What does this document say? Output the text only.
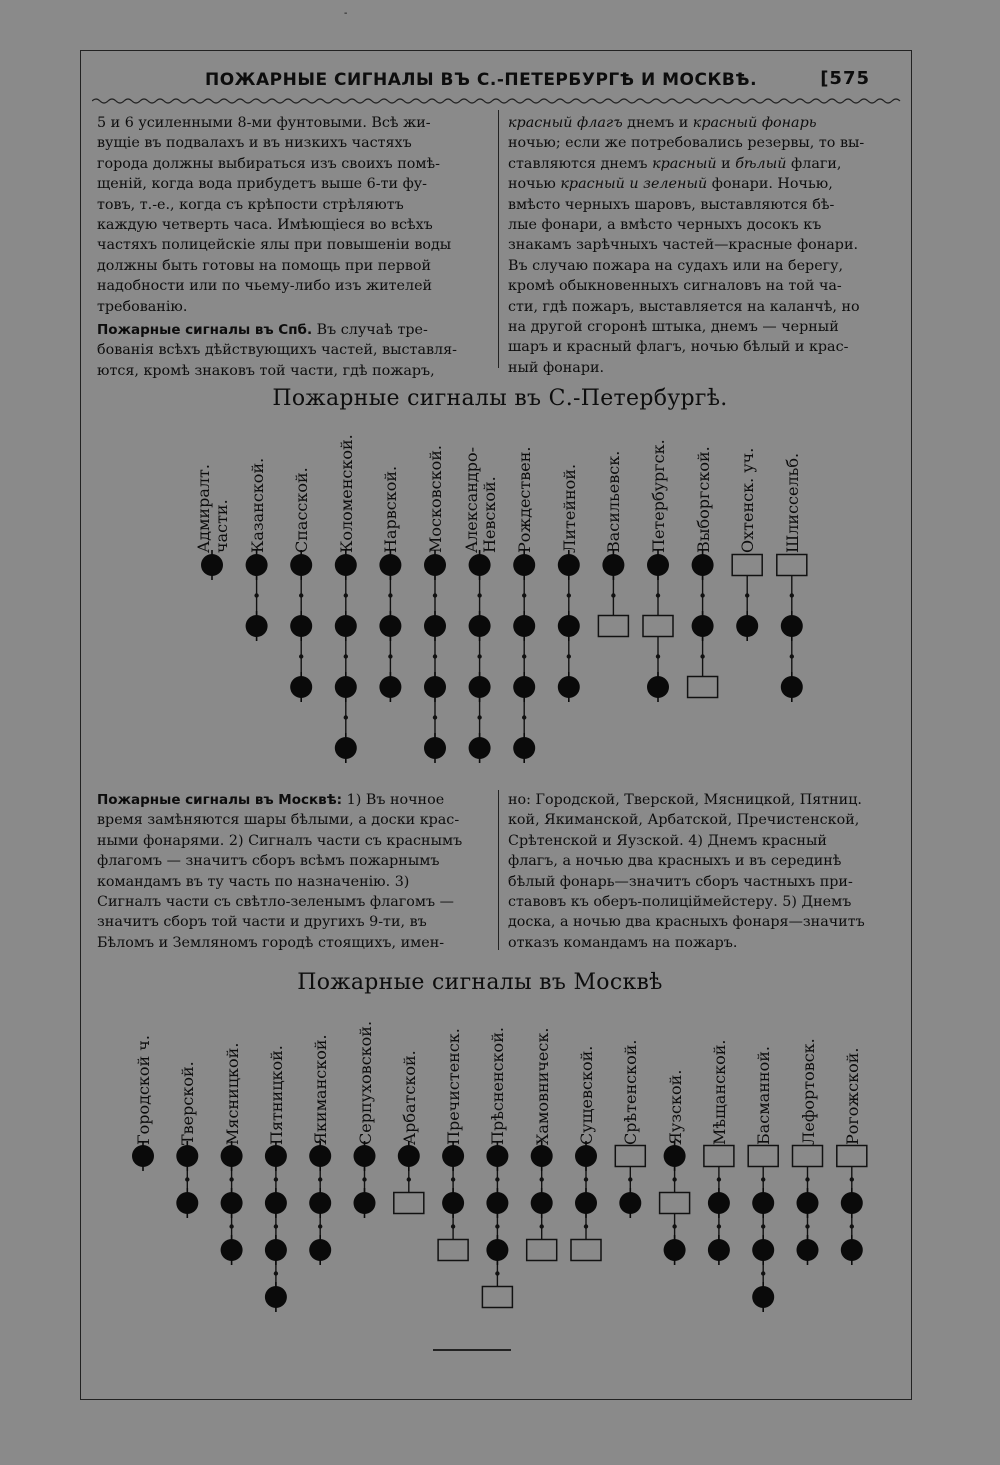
-
ПОЖАРНЫЕ СИГНАЛЫ ВЪ С.-ПЕТЕРБУРГѢ И МОСКВѢ.	[575
5 и 6 усиленными 8-ми фунтовыми. Всѣ жи-
вущіе въ подвалахъ и въ низкихъ частяхъ
города должны выбираться изъ своихъ помѣ-
щеній, когда вода прибудетъ выше 6-ти фу-
товъ, т.-е., когда съ крѣпости стрѣляютъ
каждую четверть часа. Имѣющіеся во всѣхъ
частяхъ полицейскіе ялы при повышеніи воды
должны быть готовы на помощь при первой
надобности или по чьему-либо изъ жителей
требованію.
Пожарные сигналы въ Спб. Въ случаѣ тре-
бованія всѣхъ дѣйствующихъ частей, выставля-
ются, кромѣ знаковъ той части, гдѣ пожаръ,
красный флагъ днемъ и красный фонарь
ночью; если же потребовались резервы, то вы-
ставляются днемъ красный и бѣлый флаги,
ночью красный и зеленый фонари. Ночью,
вмѣсто черныхъ шаровъ, выставляются бѣ-
лые фонари, а вмѣсто черныхъ досокъ къ
знакамъ зарѣчныхъ частей—красные фонари.
Въ случаю пожара на судахъ или на берегу,
кромѣ обыкновенныхъ сигналовъ на той ча-
сти, гдѣ пожаръ, выставляется на каланчѣ, но
на другой сгоронѣ штыка, днемъ — черный
шаръ и красный флагъ, ночью бѣлый и крас-
ный фонари.
Пожарные сигналы въ С.-Петербургѣ.
Адмиралт. части. Казанской. Спасской. Коломенской. Нарвской. Московской. Александро- Невской. Рождествен. Литейной. Васильевск. Петербургск. Выборгской. Охтенск. уч. Шлиссельб.
Пожарные сигналы въ Москвѣ: 1) Въ ночное
время замѣняются шары бѣлыми, а доски крас-
ными фонарями. 2) Сигналъ части съ краснымъ
флагомъ — значитъ сборъ всѣмъ пожарнымъ
командамъ въ ту часть по назначенію. 3)
Сигналъ части съ свѣтло-зеленымъ флагомъ —
значитъ сборъ той части и другихъ 9-ти, въ
Бѣломъ и Земляномъ городѣ стоящихъ, имен-
но: Городской, Тверской, Мясницкой, Пятниц.
кой, Якиманской, Арбатской, Пречистенской,
Срѣтенской и Яузской. 4) Днемъ красный
флагъ, а ночью два красныхъ и въ серединѣ
бѣлый фонарь—значитъ сборъ частныхъ при-
ставовъ къ оберъ-полиціймейстеру. 5) Днемъ
доска, а ночью два красныхъ фонаря—значитъ
отказъ командамъ на пожаръ.
Пожарные сигналы въ Москвѣ
Городской ч. Тверской. Мясницкой. Пятницкой. Якиманской. Серпуховской. Арбатской. Пречистенск. Прѣсненской. Хамовническ. Сущевской. Срѣтенской. Яузской. Мѣщанской. Басманной. Лефортовск. Рогожской.
